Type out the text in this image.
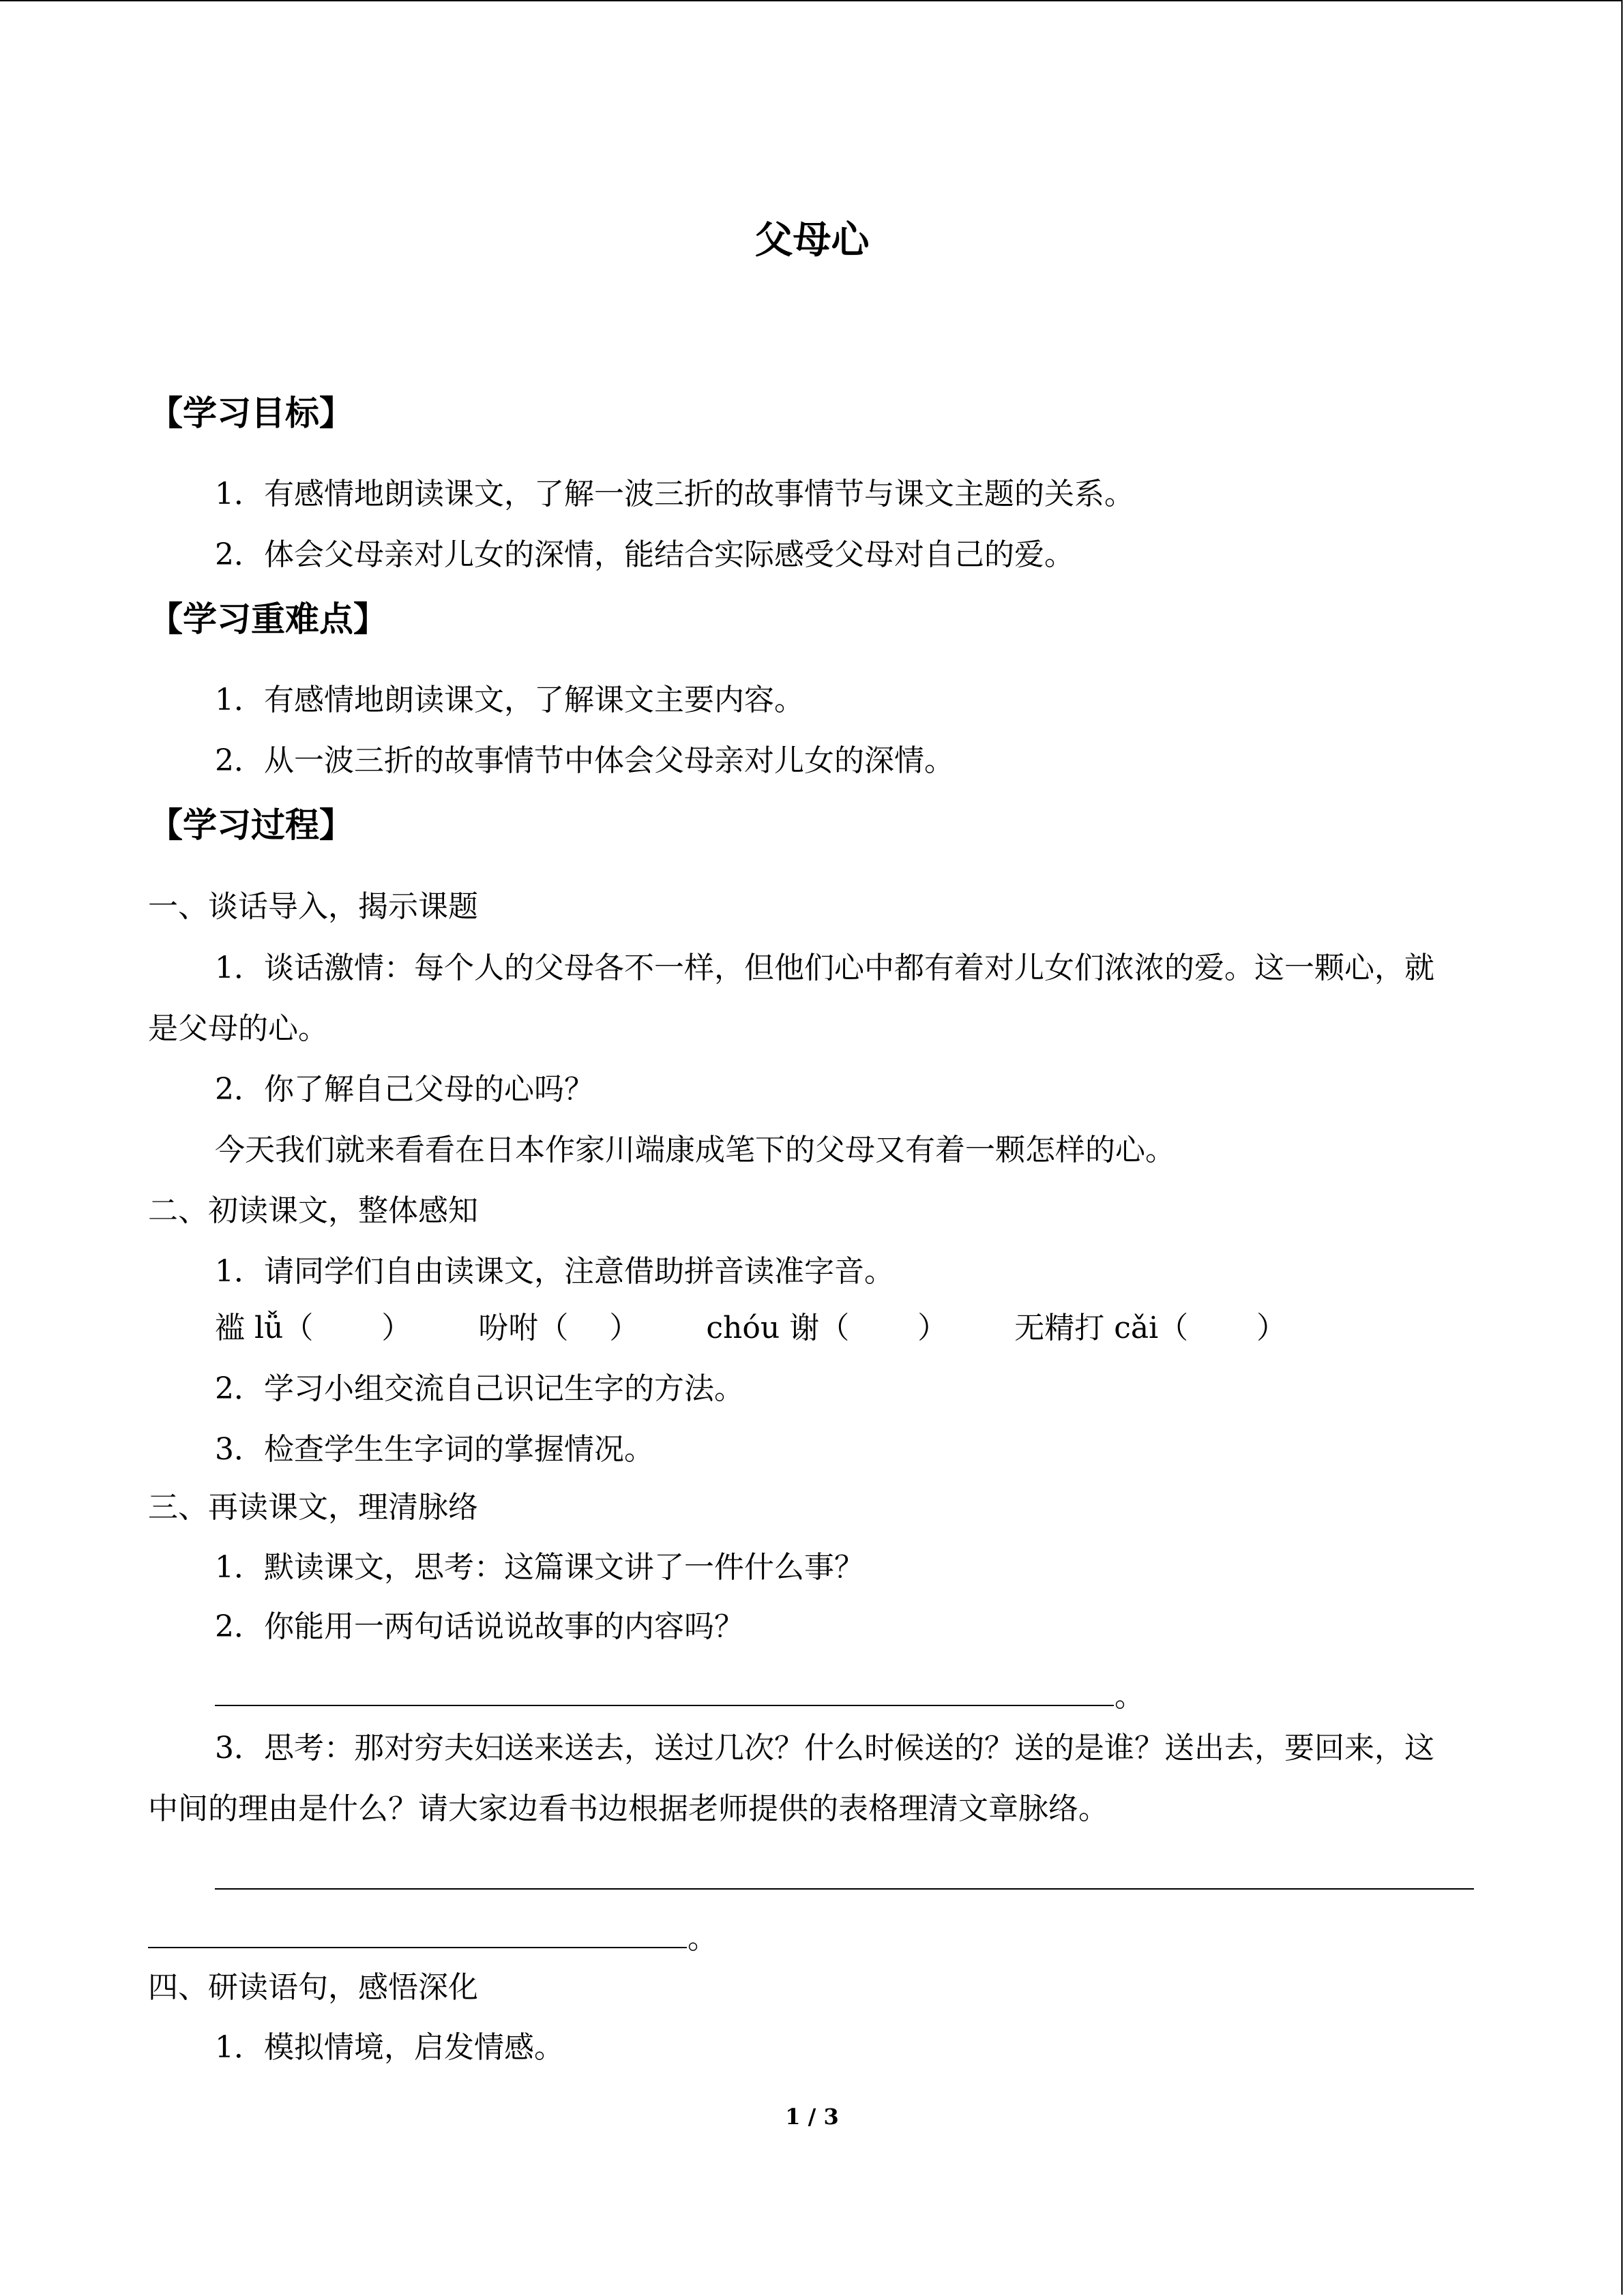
父母心
【学习目标】
1．有感情地朗读课文，了解一波三折的故事情节与课文主题的关系。
2．体会父母亲对儿女的深情，能结合实际感受父母对自己的爱。
【学习重难点】
1．有感情地朗读课文，了解课文主要内容。
2．从一波三折的故事情节中体会父母亲对儿女的深情。
【学习过程】
一、谈话导入，揭示课题
1．谈话激情：每个人的父母各不一样，但他们心中都有着对儿女们浓浓的爱。这一颗心，就是父母的心。
2．你了解自己父母的心吗？
今天我们就来看看在日本作家川端康成笔下的父母又有着一颗怎样的心。
二、初读课文，整体感知
1．请同学们自由读课文，注意借助拼音读准字音。
褴 lǚ（ ） 吩咐（ ） chóu 谢（ ） 无精打 cǎi（ ）
2．学习小组交流自己识记生字的方法。
3．检查学生生字词的掌握情况。
三、再读课文，理清脉络
1．默读课文，思考：这篇课文讲了一件什么事？
2．你能用一两句话说说故事的内容吗？
。
3．思考：那对穷夫妇送来送去，送过几次？什么时候送的？送的是谁？送出去，要回来，这中间的理由是什么？请大家边看书边根据老师提供的表格理清文章脉络。
。
四、研读语句，感悟深化
1．模拟情境，启发情感。
1 / 3
